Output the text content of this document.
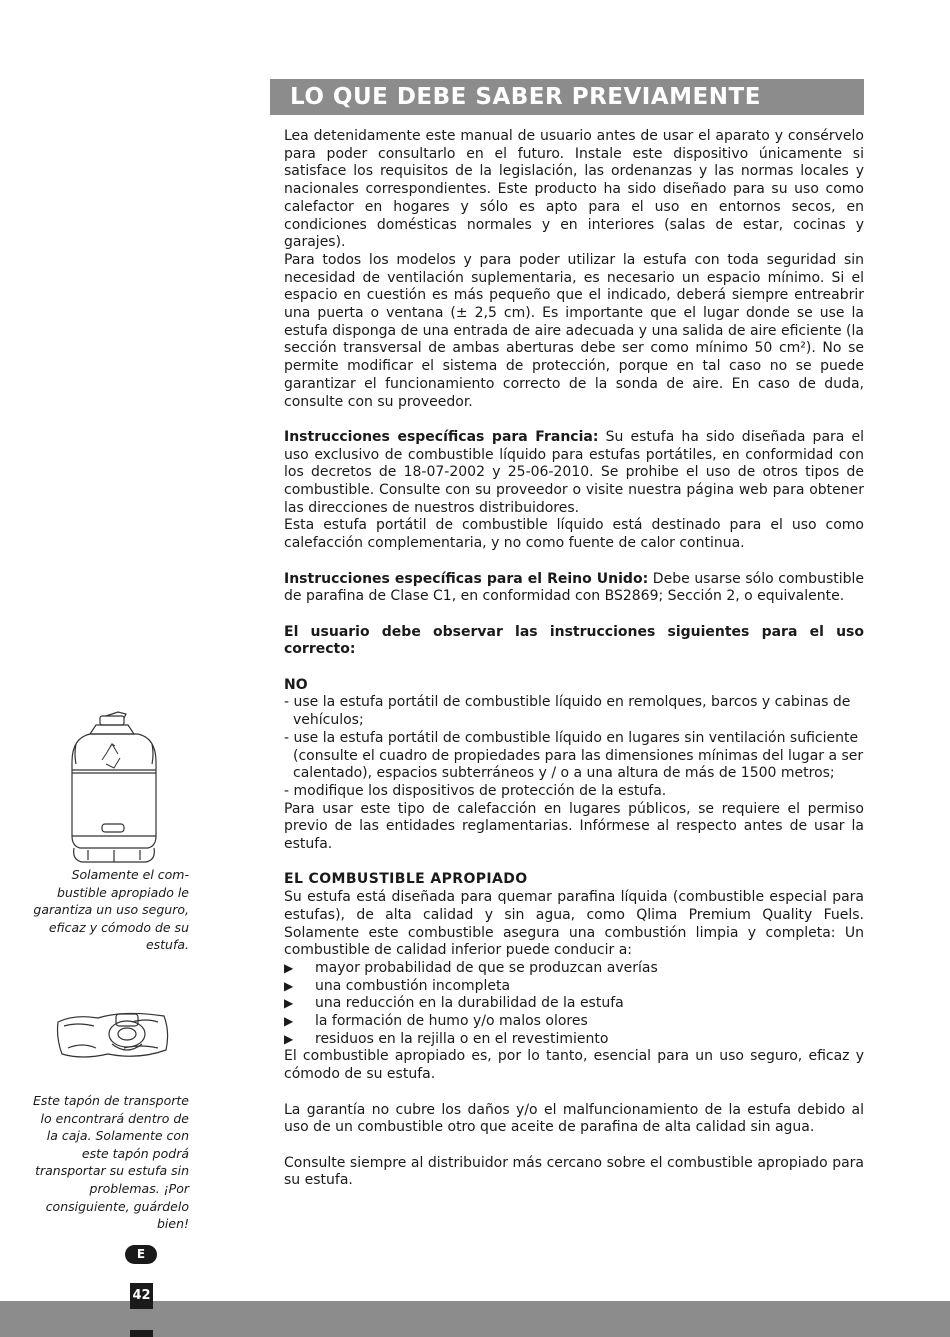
LO QUE DEBE SABER PREVIAMENTE

Lea detenidamente este manual de usuario antes de usar el aparato y consérvelo para poder consultarlo en el futuro. Instale este dispositivo únicamente si satisface los requisitos de la legislación, las ordenanzas y las normas locales y nacionales correspondientes. Este producto ha sido diseñado para su uso como calefactor en hogares y sólo es apto para el uso en entornos secos, en condiciones domésticas normales y en interiores (salas de estar, cocinas y garajes).

Para todos los modelos y para poder utilizar la estufa con toda seguridad sin necesidad de ventilación suplementaria, es necesario un espacio mínimo. Si el espacio en cuestión es más pequeño que el indicado, deberá siempre entreabrir una puerta o ventana (± 2,5 cm). Es importante que el lugar donde se use la estufa disponga de una entrada de aire adecuada y una salida de aire eficiente (la sección transversal de ambas aberturas debe ser como mínimo 50 cm²). No se permite modificar el sistema de protección, porque en tal caso no se puede garantizar el funcionamiento correcto de la sonda de aire. En caso de duda, consulte con su proveedor.

Instrucciones específicas para Francia: Su estufa ha sido diseñada para el uso exclusivo de combustible líquido para estufas portátiles, en conformidad con los decretos de 18-07-2002 y 25-06-2010. Se prohibe el uso de otros tipos de combustible. Consulte con su proveedor o visite nuestra página web para obtener las direcciones de nuestros distribuidores.

Esta estufa portátil de combustible líquido está destinado para el uso como calefacción complementaria, y no como fuente de calor continua.

Instrucciones específicas para el Reino Unido: Debe usarse sólo combustible de parafina de Clase C1, en conformidad con BS2869; Sección 2, o equivalente.

El usuario debe observar las instrucciones siguientes para el uso correcto:

NO

- use la estufa portátil de combustible líquido en remolques, barcos y cabinas de vehículos;

- use la estufa portátil de combustible líquido en lugares sin ventilación suficiente (consulte el cuadro de propiedades para las dimensiones mínimas del lugar a ser calentado), espacios subterráneos y / o a una altura de más de 1500 metros;

- modifique los dispositivos de protección de la estufa.

Para usar este tipo de calefacción en lugares públicos, se requiere el permiso previo de las entidades reglamentarias. Infórmese al respecto antes de usar la estufa.

EL COMBUSTIBLE APROPIADO

Su estufa está diseñada para quemar parafina líquida (combustible especial para estufas), de alta calidad y sin agua, como Qlima Premium Quality Fuels. Solamente este combustible asegura una combustión limpia y completa: Un combustible de calidad inferior puede conducir a:

▶	mayor probabilidad de que se produzcan averías
▶	una combustión incompleta
▶	una reducción en la durabilidad de la estufa
▶	la formación de humo y/o malos olores
▶	residuos en la rejilla o en el revestimiento

El combustible apropiado es, por lo tanto, esencial para un uso seguro, eficaz y cómodo de su estufa.

La garantía no cubre los daños y/o el malfuncionamiento de la estufa debido al uso de un combustible otro que aceite de parafina de alta calidad sin agua.

Consulte siempre al distribuidor más cercano sobre el combustible apropiado para su estufa.

Solamente el com-bustible apropiado le garantiza un uso seguro, eficaz y cómodo de su estufa.
Este tapón de transporte lo encontrará dentro de la caja. Solamente con este tapón podrá transportar su estufa sin problemas. ¡Por consiguiente, guárdelo bien!
E
42
